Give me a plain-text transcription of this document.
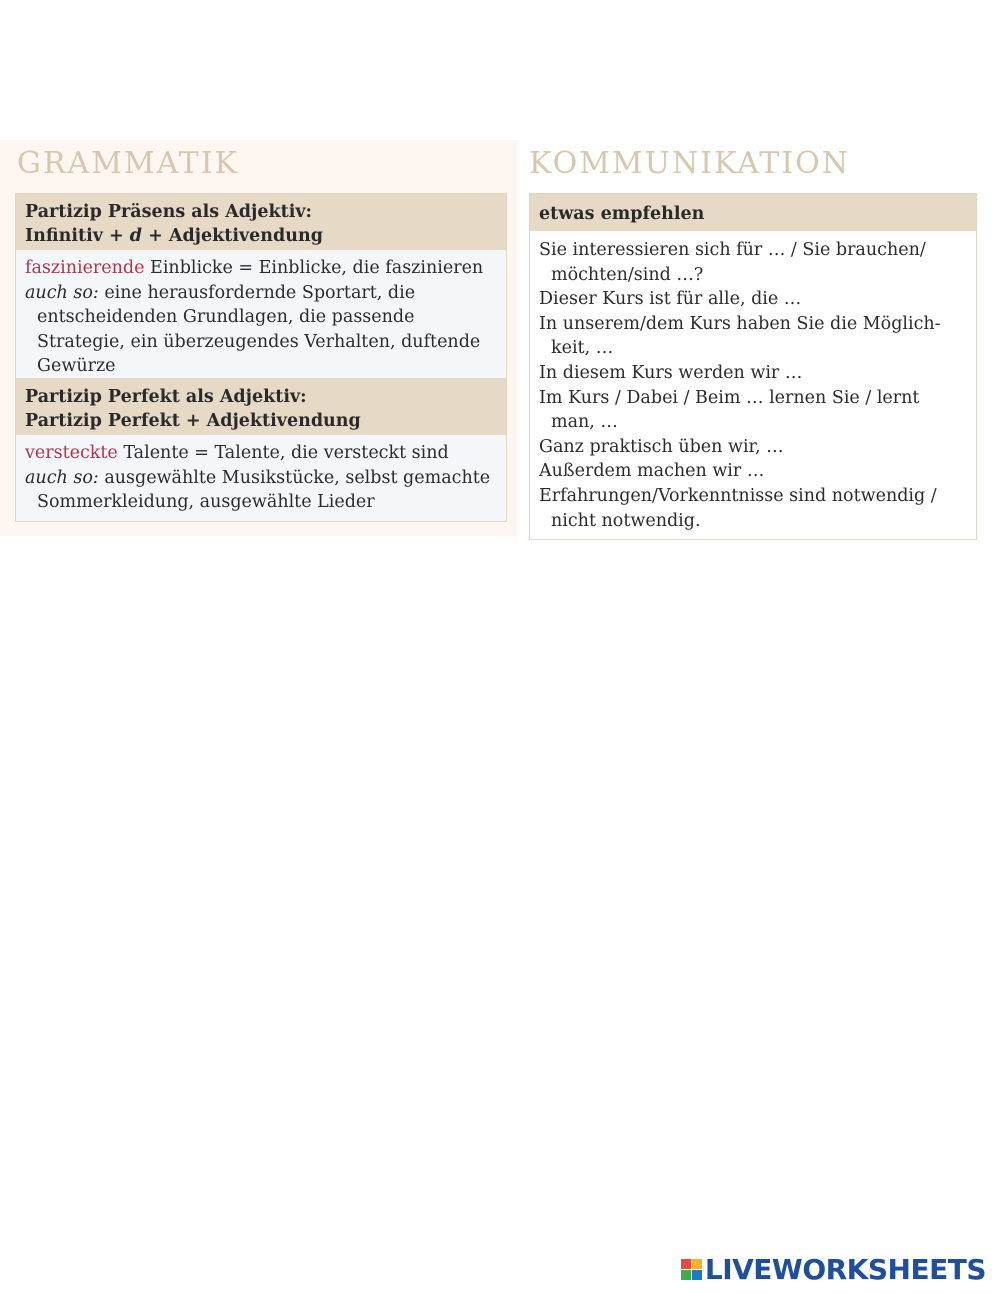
GRAMMATIK	KOMMUNIKATION
Partizip Präsens als Adjektiv:
Infinitiv + d + Adjektivendung
faszinierende Einblicke = Einblicke, die faszinieren
auch so: eine herausfordernde Sportart, die entscheidenden Grundlagen, die passende Strategie, ein überzeugendes Verhalten, duftende Gewürze
Partizip Perfekt als Adjektiv:
Partizip Perfekt + Adjektivendung
versteckte Talente = Talente, die versteckt sind
auch so: ausgewählte Musikstücke, selbst gemachte Sommerkleidung, ausgewählte Lieder
etwas empfehlen
Sie interessieren sich für … / Sie brauchen/ möchten/sind …?
Dieser Kurs ist für alle, die …
In unserem/dem Kurs haben Sie die Möglichkeit, …
In diesem Kurs werden wir …
Im Kurs / Dabei / Beim … lernen Sie / lernt man, …
Ganz praktisch üben wir, …
Außerdem machen wir …
Erfahrungen/Vorkenntnisse sind notwendig / nicht notwendig.
LIVEWORKSHEETS
